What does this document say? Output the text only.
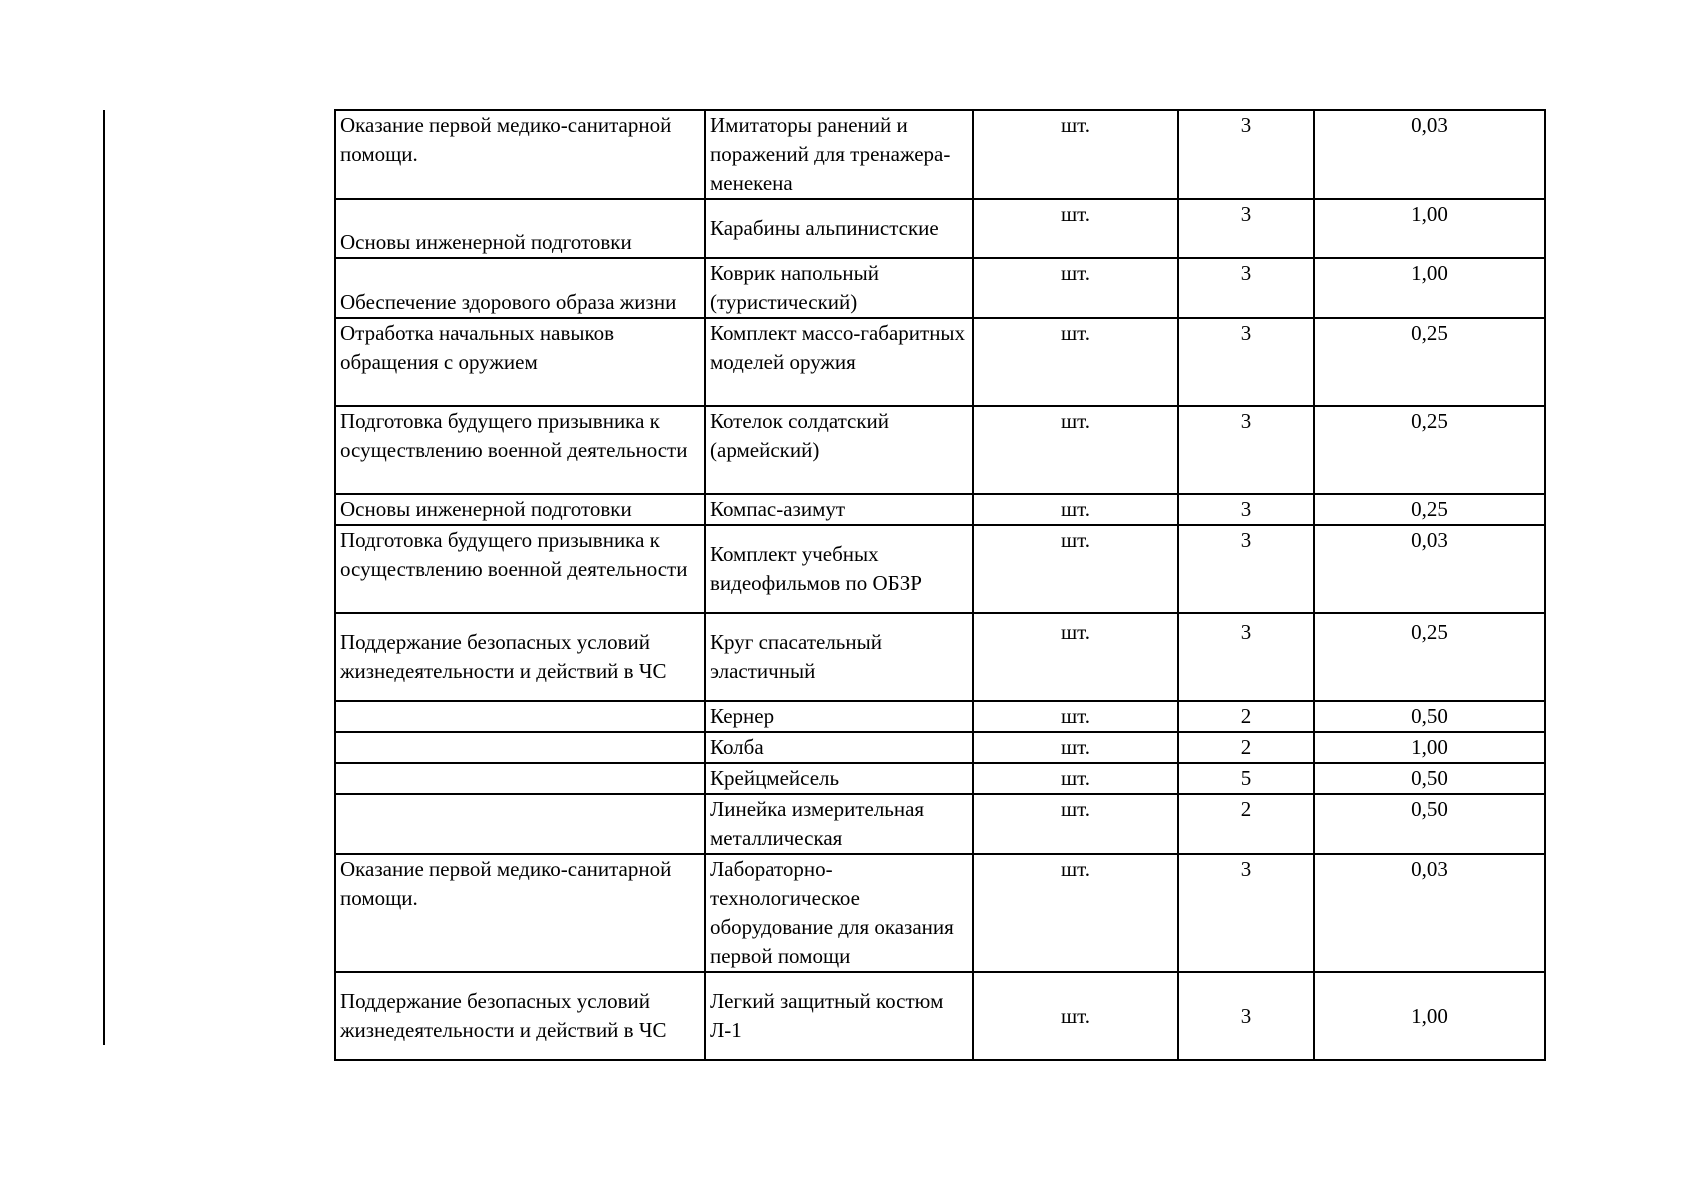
Оказание первой медико-санитарной помощи.	Имитаторы ранений и поражений для тренажера-менекена	шт.	3	0,03
Основы инженерной подготовки	Карабины альпинистские	шт.	3	1,00
Обеспечение здорового образа жизни	Коврик напольный (туристический)	шт.	3	1,00
Отработка начальных навыков обращения с оружием	Комплект массо-габаритных моделей оружия	шт.	3	0,25
Подготовка будущего призывника к осуществлению военной деятельности	Котелок солдатский (армейский)	шт.	3	0,25
Основы инженерной подготовки	Компас-азимут	шт.	3	0,25
Подготовка будущего призывника к осуществлению военной деятельности	Комплект учебных видеофильмов по ОБЗР	шт.	3	0,03
Поддержание безопасных условий жизнедеятельности и действий в ЧС	Круг спасательный эластичный	шт.	3	0,25
	Кернер	шт.	2	0,50
	Колба	шт.	2	1,00
	Крейцмейсель	шт.	5	0,50
	Линейка измерительная металлическая	шт.	2	0,50
Оказание первой медико-санитарной помощи.	Лабораторно-технологическое оборудование для оказания первой помощи	шт.	3	0,03
Поддержание безопасных условий жизнедеятельности и действий в ЧС	Легкий защитный костюм Л-1	шт.	3	1,00
